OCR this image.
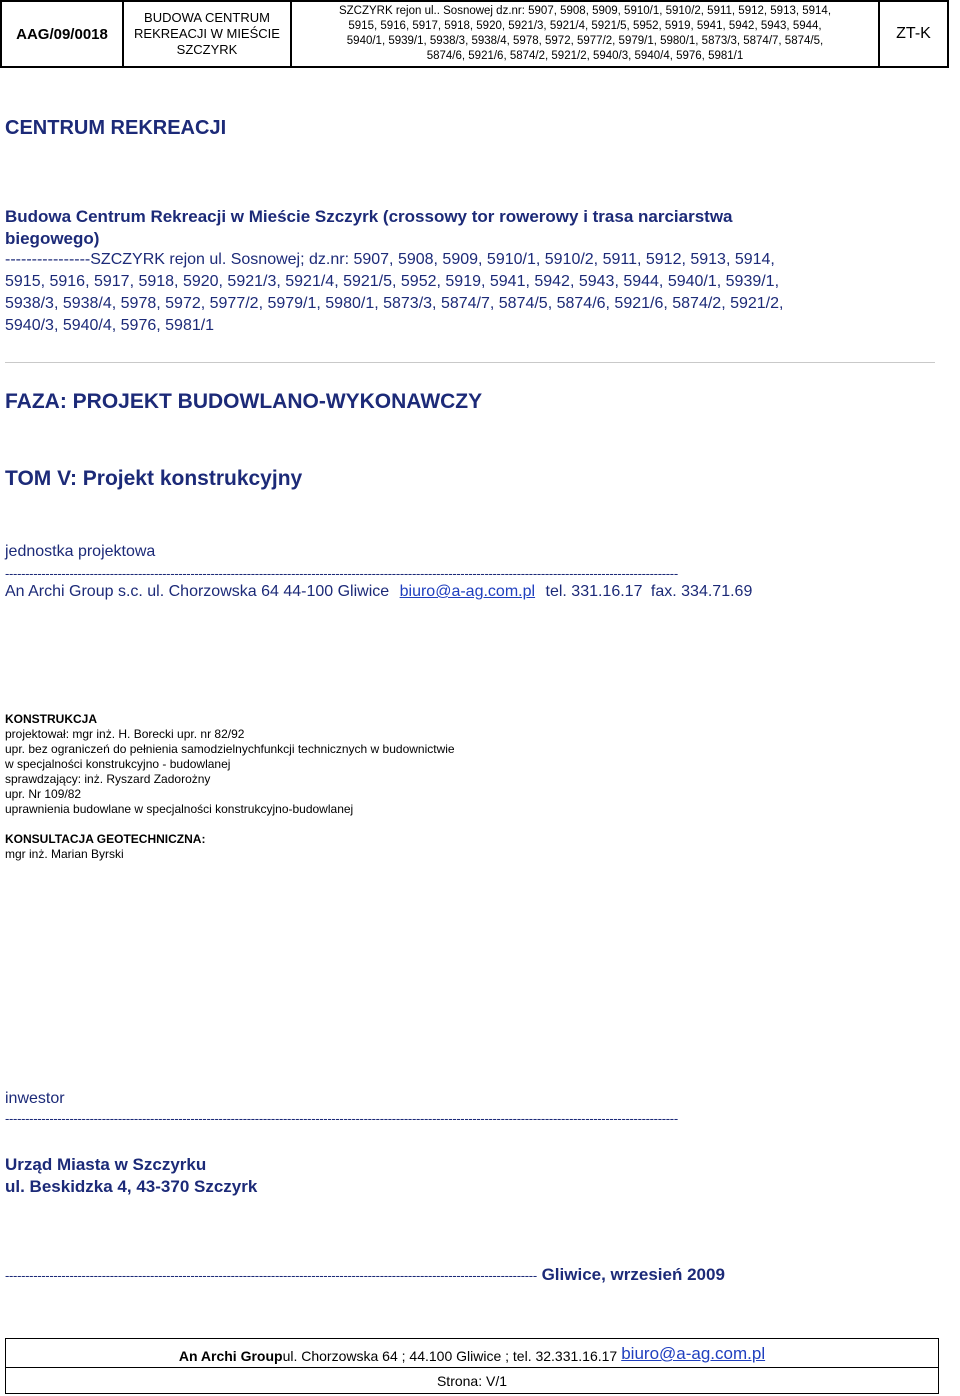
AAG/09/0018
BUDOWA CENTRUM
REKREACJI W MIEŚCIE
SZCZYRK
SZCZYRK rejon ul.. Sosnowej dz.nr: 5907, 5908, 5909, 5910/1, 5910/2, 5911, 5912, 5913, 5914,
5915, 5916, 5917, 5918, 5920, 5921/3, 5921/4, 5921/5, 5952, 5919, 5941, 5942, 5943, 5944,
5940/1, 5939/1, 5938/3, 5938/4, 5978, 5972, 5977/2, 5979/1, 5980/1, 5873/3, 5874/7, 5874/5,
5874/6, 5921/6, 5874/2, 5921/2, 5940/3, 5940/4, 5976, 5981/1
ZT-K
CENTRUM REKREACJI
Budowa Centrum Rekreacji w Mieście Szczyrk (crossowy tor rowerowy i trasa narciarstwa
biegowego)
----------------SZCZYRK rejon ul. Sosnowej; dz.nr: 5907, 5908, 5909, 5910/1, 5910/2, 5911, 5912, 5913, 5914,
5915, 5916, 5917, 5918, 5920, 5921/3, 5921/4, 5921/5, 5952, 5919, 5941, 5942, 5943, 5944, 5940/1, 5939/1,
5938/3, 5938/4, 5978, 5972, 5977/2, 5979/1, 5980/1, 5873/3, 5874/7, 5874/5, 5874/6, 5921/6, 5874/2, 5921/2,
5940/3, 5940/4, 5976, 5981/1
FAZA: PROJEKT BUDOWLANO-WYKONAWCZY
TOM V: Projekt konstrukcyjny
jednostka projektowa
-----------------------------------------------------------------------------------------------------------------------------------------------------------------------
An Archi Group s.c. ul. Chorzowska 64 44-100 Gliwice biuro@a-ag.com.pl tel. 331.16.17 fax. 334.71.69
KONSTRUKCJA
projektował: mgr inż. H. Borecki upr. nr 82/92
upr. bez ograniczeń do pełnienia samodzielnychfunkcji technicznych w budownictwie
w specjalności konstrukcyjno - budowlanej
sprawdzający: inż. Ryszard Zadorożny
upr. Nr 109/82
uprawnienia budowlane w specjalności konstrukcyjno-budowlanej
KONSULTACJA GEOTECHNICZNA:
mgr inż. Marian Byrski
inwestor
-----------------------------------------------------------------------------------------------------------------------------------------------------------------------
Urząd Miasta w Szczyrku
ul. Beskidzka 4, 43-370 Szczyrk
------------------------------------------------------------------------------------------------------------------------------------ Gliwice, wrzesień 2009
An Archi Group ul. Chorzowska 64 ; 44.100 Gliwice ; tel. 32.331.16.17 biuro@a-ag.com.pl
Strona: V/1
